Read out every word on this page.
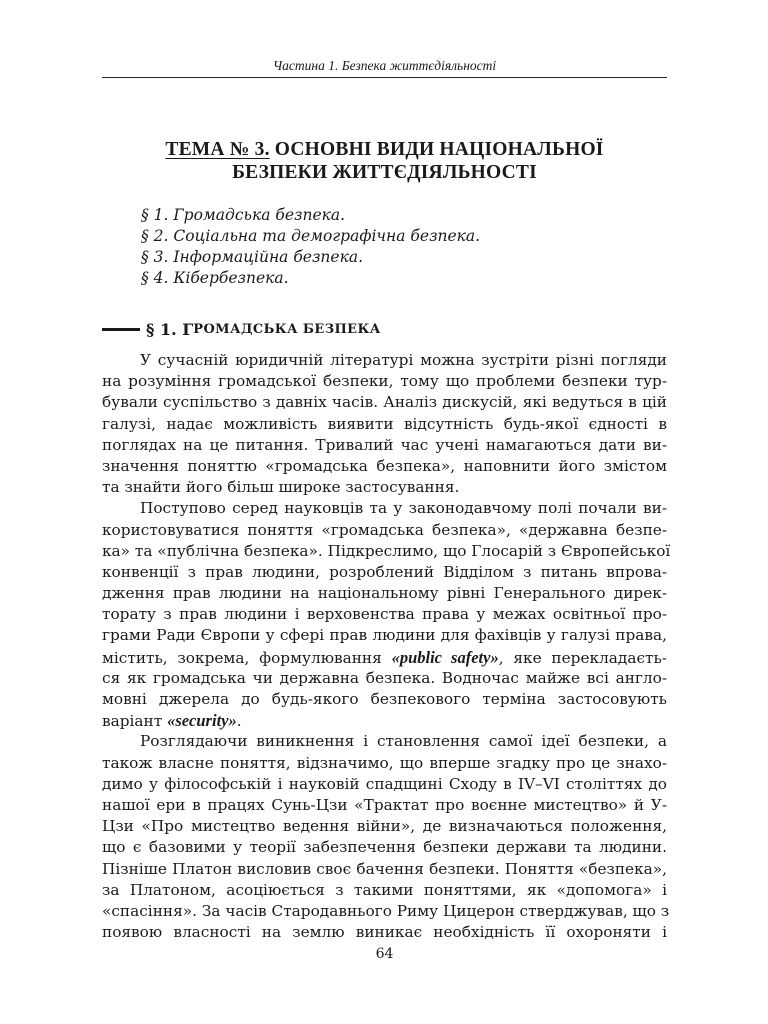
Частина 1. Безпека життєдіяльності
ТЕМА № 3. ОСНОВНІ ВИДИ НАЦІОНАЛЬНОЇ
БЕЗПЕКИ ЖИТТЄДІЯЛЬНОСТІ
§ 1. Громадська безпека.
§ 2. Соціальна та демографічна безпека.
§ 3. Інформаційна безпека.
§ 4. Кібербезпека.
§ 1.
Г РОМАДСЬКА БЕЗПЕКА
У сучасній юридичній літературі можна зустріти різні погляди
на розуміння громадської безпеки, тому що проблеми безпеки тур-
бували суспільство з давніх часів. Аналіз дискусій, які ведуться в цій
галузі, надає можливість виявити відсутність будь-якої єдності в
поглядах на це питання. Тривалий час учені намагаються дати ви-
значення поняттю «громадська безпека», наповнити його змістом
та знайти його більш широке застосування.
Поступово серед науковців та у законодавчому полі почали ви-
користовуватися поняття «громадська безпека», «державна безпе-
ка» та «публічна безпека». Підкреслимо, що Глосарій з Європейської
конвенції з прав людини, розроблений Відділом з питань впрова-
дження прав людини на національному рівні Генерального дирек-
торату з прав людини і верховенства права у межах освітньої про-
грами Ради Європи у сфері прав людини для фахівців у галузі права,
містить, зокрема, формулювання «public safety», яке перекладаєть-
ся як громадська чи державна безпека. Водночас майже всі англо-
мовні джерела до будь-якого безпекового терміна застосовують
варіант «security».
Розглядаючи виникнення і становлення самої ідеї безпеки, а
також власне поняття, відзначимо, що вперше згадку про це знахо-
димо у філософській і науковій спадщині Сходу в IV–VI століттях до
нашої ери в працях Сунь-Цзи «Трактат про воєнне мистецтво» й У-
Цзи «Про мистецтво ведення війни», де визначаються положення,
що є базовими у теорії забезпечення безпеки держави та людини.
Пізніше Платон висловив своє бачення безпеки. Поняття «безпека»,
за Платоном, асоціюється з такими поняттями, як «допомога» і
«спасіння». За часів Стародавнього Риму Цицерон стверджував, що з
появою власності на землю виникає необхідність її охороняти і
64
